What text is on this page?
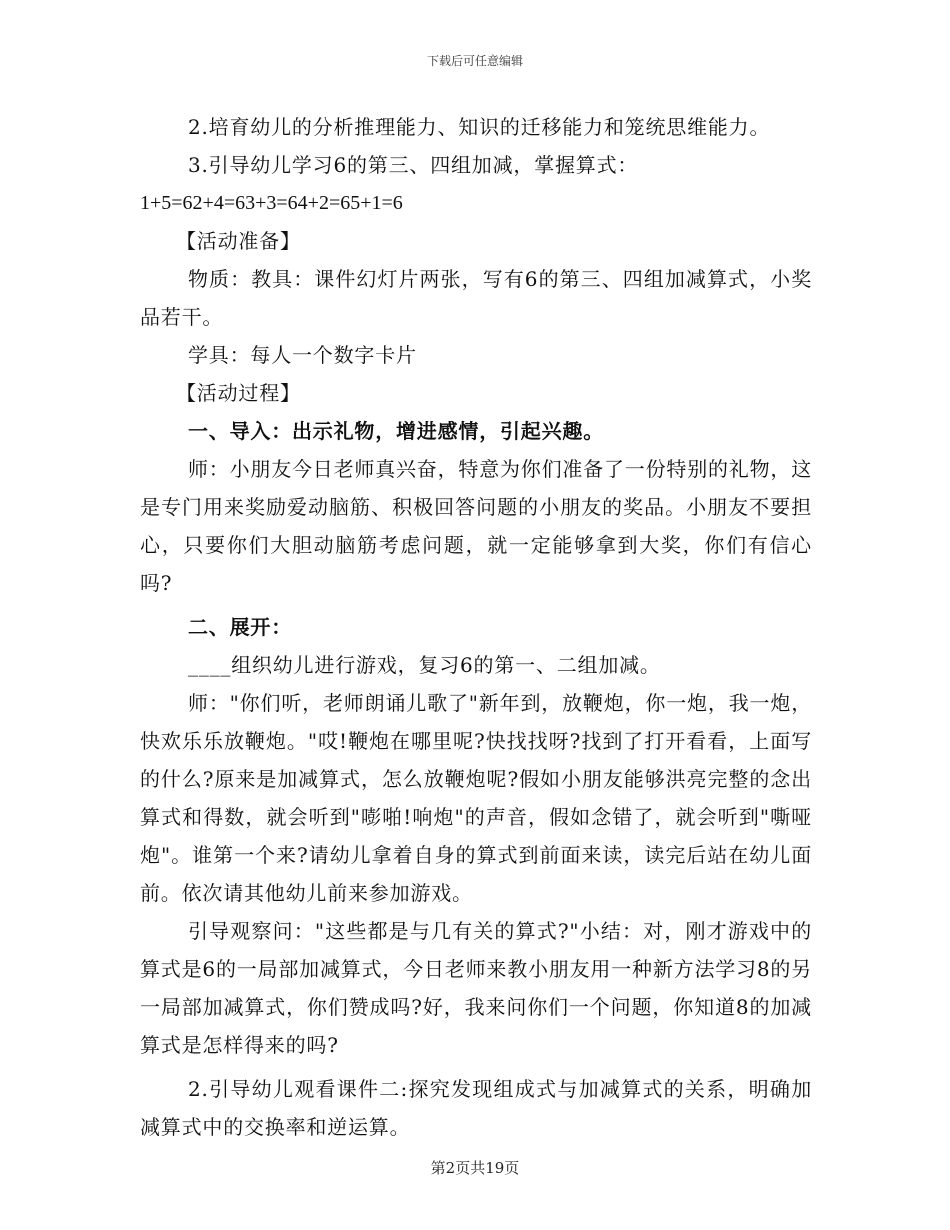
下载后可任意编辑

2.培育幼儿的分析推理能力、知识的迁移能力和笼统思维能力。

3.引导幼儿学习6的第三、四组加减，掌握算式：

1+5=62+4=63+3=64+2=65+1=6

【活动准备】

物质：教具：课件幻灯片两张，写有6的第三、四组加减算式，小奖品若干。

学具：每人一个数字卡片

【活动过程】

一、导入：出示礼物，增进感情，引起兴趣。

师：小朋友今日老师真兴奋，特意为你们准备了一份特别的礼物，这是专门用来奖励爱动脑筋、积极回答问题的小朋友的奖品。小朋友不要担心，只要你们大胆动脑筋考虑问题，就一定能够拿到大奖，你们有信心吗?

二、展开：

____组织幼儿进行游戏，复习6的第一、二组加减。

师："你们听，老师朗诵儿歌了"新年到，放鞭炮，你一炮，我一炮，快欢乐乐放鞭炮。"哎!鞭炮在哪里呢?快找找呀?找到了打开看看，上面写的什么?原来是加减算式，怎么放鞭炮呢?假如小朋友能够洪亮完整的念出算式和得数，就会听到"嘭啪!响炮"的声音，假如念错了，就会听到"嘶哑炮"。谁第一个来?请幼儿拿着自身的算式到前面来读，读完后站在幼儿面前。依次请其他幼儿前来参加游戏。

引导观察问："这些都是与几有关的算式?"小结：对，刚才游戏中的算式是6的一局部加减算式，今日老师来教小朋友用一种新方法学习8的另一局部加减算式，你们赞成吗?好，我来问你们一个问题，你知道8的加减算式是怎样得来的吗?

2.引导幼儿观看课件二:探究发现组成式与加减算式的关系，明确加减算式中的交换率和逆运算。

第2页共19页
